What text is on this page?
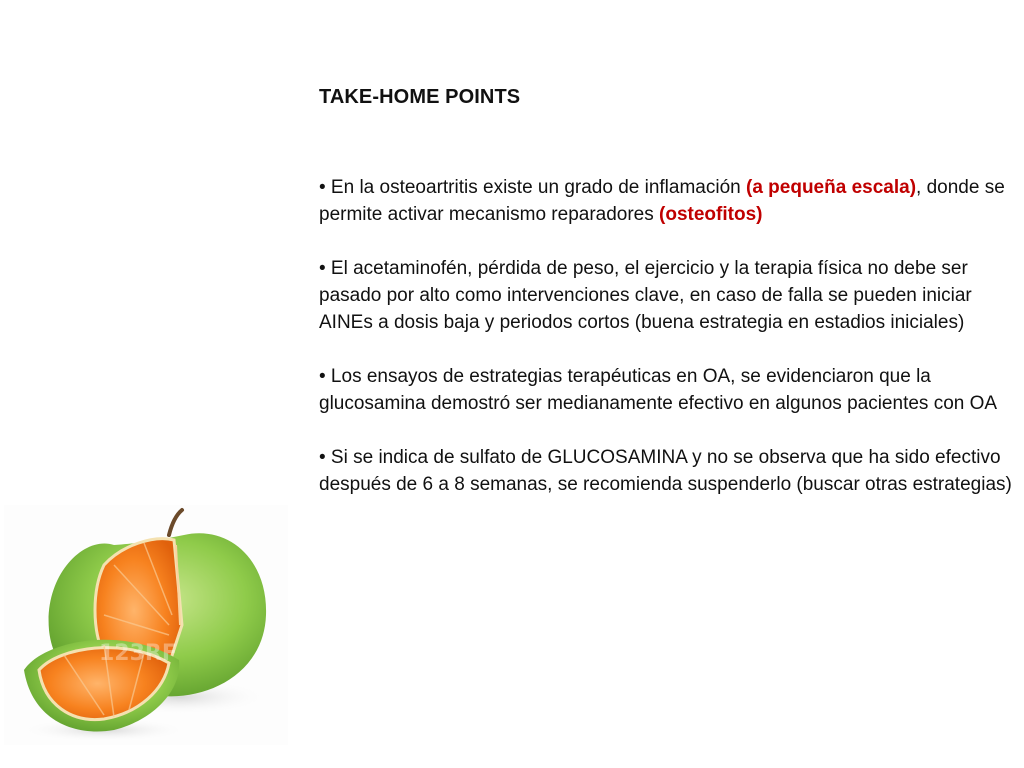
TAKE-HOME POINTS

• En la osteoartritis existe un grado de inflamación (a pequeña escala), donde se permite activar mecanismo reparadores (osteofitos)

• El acetaminofén, pérdida de peso, el ejercicio y la terapia física no debe ser pasado por alto como intervenciones clave, en caso de falla se pueden iniciar AINEs a dosis baja y periodos cortos (buena estrategia en estadios iniciales)

• Los ensayos de estrategias terapéuticas en OA, se evidenciaron que la glucosamina demostró ser medianamente efectivo en algunos pacientes con OA

• Si se indica de sulfato de GLUCOSAMINA y no se observa que ha sido efectivo después de 6 a 8 semanas, se recomienda suspenderlo (buscar otras estrategias)

123RF
